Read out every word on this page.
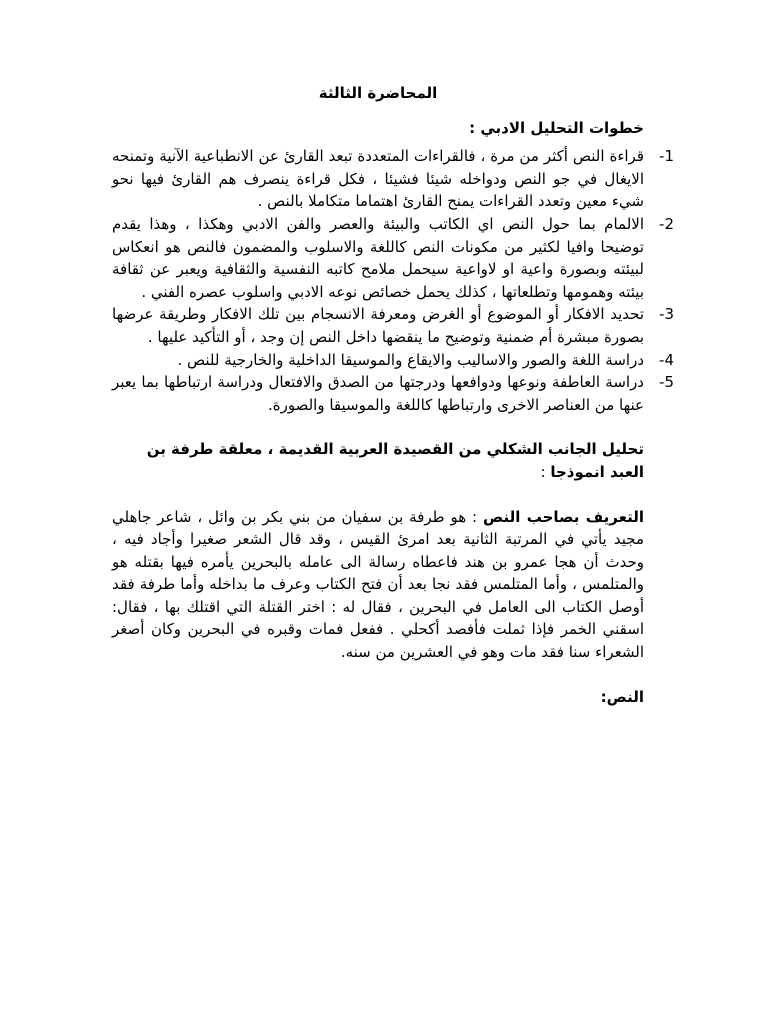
المحاضرة الثالثة
خطوات التحليل الادبي :
-1
قراءة النص أكثر من مرة ، فالقراءات المتعددة تبعد القارئ عن الانطباعية الآنية وتمنحه الايغال في جو النص ودواخله شيئا فشيئا ، فكل قراءة ينصرف هم القارئ فيها نحو شيء معين وتعدد القراءات يمنح القارئ اهتماما متكاملا بالنص .
-2
الالمام بما حول النص اي الكاتب والبيئة والعصر والفن الادبي وهكذا ، وهذا يقدم توضيحا وافيا لكثير من مكونات النص كاللغة والاسلوب والمضمون فالنص هو انعكاس لبيئته وبصورة واعية او لاواعية سيحمل ملامح كاتبه النفسية والثقافية ويعبر عن ثقافة بيئته وهمومها وتطلعاتها ، كذلك يحمل خصائص نوعه الادبي واسلوب عصره الفني .
-3
تحديد الافكار أو الموضوع أو الغرض ومعرفة الانسجام بين تلك الافكار وطريقة عرضها بصورة مبشرة أم ضمنية وتوضيح ما ينقضها داخل النص إن وجد ، أو التأكيد عليها .
-4
دراسة اللغة والصور والاساليب والايقاع والموسيقا الداخلية والخارجية للنص .
-5
دراسة العاطفة ونوعها ودوافعها ودرجتها من الصدق والافتعال ودراسة ارتباطها بما يعبر عنها من العناصر الاخرى وارتباطها كاللغة والموسيقا والصورة.

تحليل الجانب الشكلي من القصيدة العربية القديمة ، معلقة طرفة بن العبد انموذجا :

التعريف بصاحب النص : هو طرفة بن سفيان من بني بكر بن وائل ، شاعر جاهلي مجيد يأتي في المرتبة الثانية بعد امرئ القيس ، وقد قال الشعر صغيرا وأجاد فيه ، وحدث أن هجا عمرو بن هند فاعطاه رسالة الى عامله بالبحرين يأمره فيها بقتله هو والمتلمس ، وأما المتلمس فقد نجا بعد أن فتح الكتاب وعرف ما بداخله وأما طرفة فقد أوصل الكتاب الى العامل في البحرين ، فقال له : اختر القتلة التي اقتلك بها ، فقال: اسقني الخمر فإذا ثملت فأفصد أكحلي . ففعل فمات وقبره في البحرين وكان أصغر الشعراء سنا فقد مات وهو في العشرين من سنه.

النص:
